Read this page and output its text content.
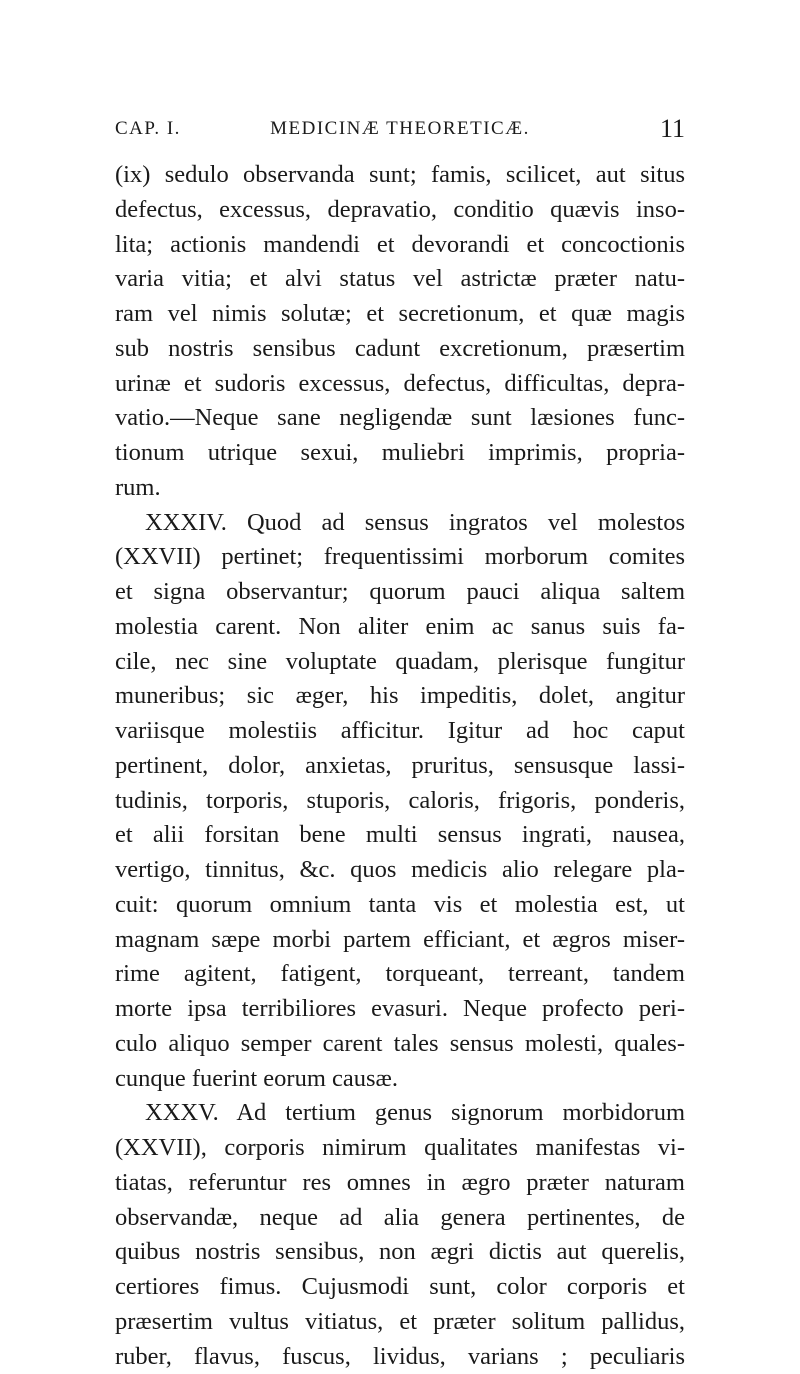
CAP. I.	MEDICINÆ THEORETICÆ.	11
(ix) sedulo observanda sunt; famis, scilicet, aut situs
defectus, excessus, depravatio, conditio quævis inso-
lita; actionis mandendi et devorandi et concoctionis
varia vitia; et alvi status vel astrictæ præter natu-
ram vel nimis solutæ; et secretionum, et quæ magis
sub nostris sensibus cadunt excretionum, præsertim
urinæ et sudoris excessus, defectus, difficultas, depra-
vatio.—Neque sane negligendæ sunt læsiones func-
tionum utrique sexui, muliebri imprimis, propria-
rum.
XXXIV. Quod ad sensus ingratos vel molestos
(XXVII) pertinet; frequentissimi morborum comites
et signa observantur; quorum pauci aliqua saltem
molestia carent. Non aliter enim ac sanus suis fa-
cile, nec sine voluptate quadam, plerisque fungitur
muneribus; sic æger, his impeditis, dolet, angitur
variisque molestiis afficitur. Igitur ad hoc caput
pertinent, dolor, anxietas, pruritus, sensusque lassi-
tudinis, torporis, stuporis, caloris, frigoris, ponderis,
et alii forsitan bene multi sensus ingrati, nausea,
vertigo, tinnitus, &c. quos medicis alio relegare pla-
cuit: quorum omnium tanta vis et molestia est, ut
magnam sæpe morbi partem efficiant, et ægros miser-
rime agitent, fatigent, torqueant, terreant, tandem
morte ipsa terribiliores evasuri. Neque profecto peri-
culo aliquo semper carent tales sensus molesti, quales-
cunque fuerint eorum causæ.
XXXV. Ad tertium genus signorum morbidorum
(XXVII), corporis nimirum qualitates manifestas vi-
tiatas, referuntur res omnes in ægro præter naturam
observandæ, neque ad alia genera pertinentes, de
quibus nostris sensibus, non ægri dictis aut querelis,
certiores fimus. Cujusmodi sunt, color corporis et
præsertim vultus vitiatus, et præter solitum pallidus,
ruber, flavus, fuscus, lividus, varians ; peculiaris
